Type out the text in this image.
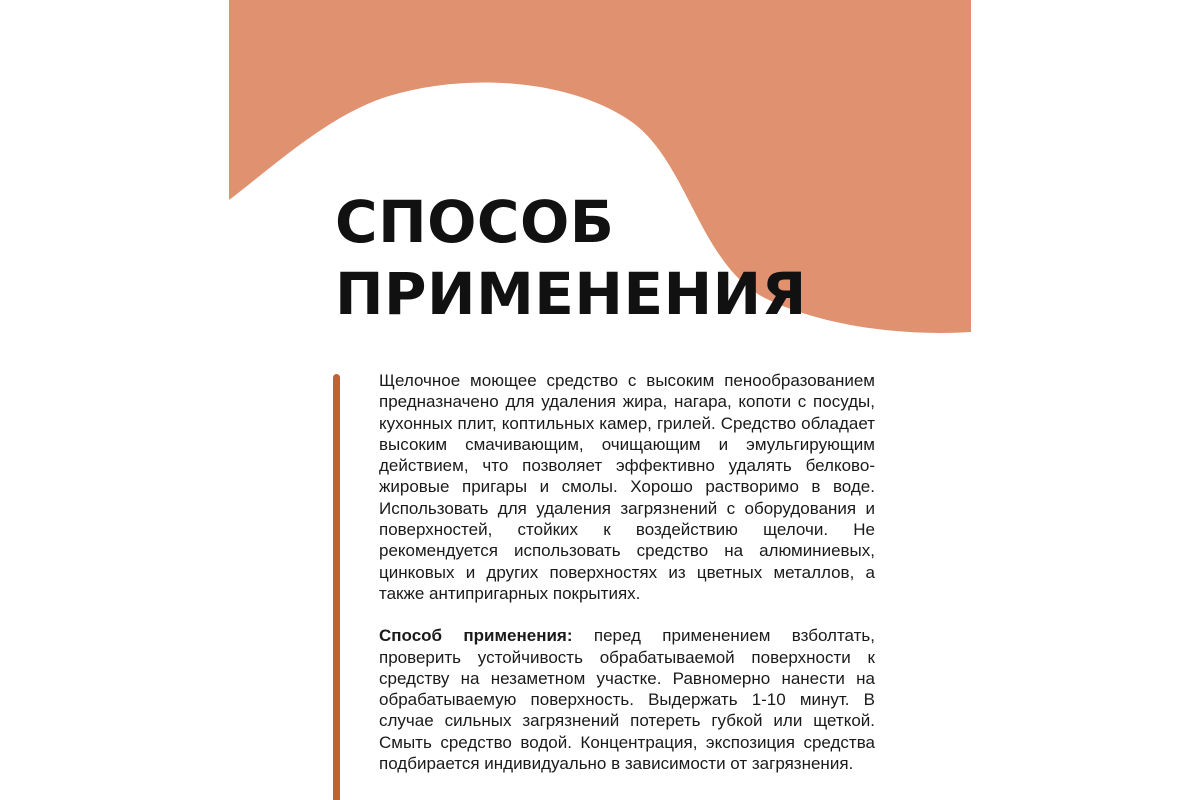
СПОСОБ
ПРИМЕНЕНИЯ

Щелочное моющее средство с высоким пенообразованием предназначено для удаления жира, нагара, копоти с посуды, кухонных плит, коптильных камер, грилей. Средство обладает высоким смачивающим, очищающим и эмульгирующим действием, что позволяет эффективно удалять белково-жировые пригары и смолы. Хорошо растворимо в воде. Использовать для удаления загрязнений с оборудования и поверхностей, стойких к воздействию щелочи. Не рекомендуется использовать средство на алюминиевых, цинковых и других поверхностях из цветных металлов, а также антипригарных покрытиях.

Способ применения: перед применением взболтать, проверить устойчивость обрабатываемой поверхности к средству на незаметном участке. Равномерно нанести на обрабатываемую поверхность. Выдержать 1-10 минут. В случае сильных загрязнений потереть губкой или щеткой. Смыть средство водой. Концентрация, экспозиция средства подбирается индивидуально в зависимости от загрязнения.
